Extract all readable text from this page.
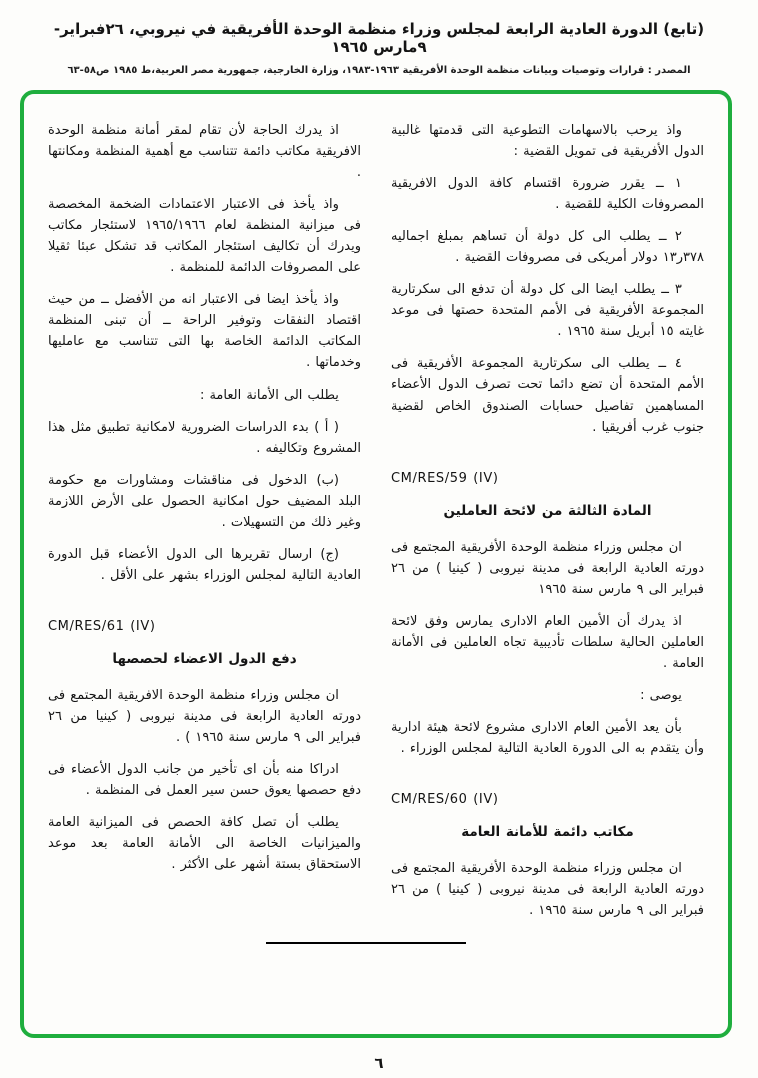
(تابع) الدورة العادية الرابعة لمجلس وزراء منظمة الوحدة الأفريقية في نيروبي، ٢٦فبراير- ٩مارس ١٩٦٥
المصدر : قرارات وتوصيات وبيانات منظمة الوحدة الأفريقية ١٩٦٣-١٩٨٣، وزارة الخارجية، جمهورية مصر العربية،ط ١٩٨٥ ص٥٨-٦٣
واذ يرحب بالاسهامات التطوعية التى قدمتها غالبية الدول الأفريقية فى تمويل القضية :
١ ــ يقرر ضرورة اقتسام كافة الدول الافريقية المصروفات الكلية للقضية .
٢ ــ يطلب الى كل دولة أن تساهم بمبلغ اجماليه ٣٧٨ر١٣ دولار أمريكى فى مصروفات القضية .
٣ ــ يطلب ايضا الى كل دولة أن تدفع الى سكرتارية المجموعة الأفريقية فى الأمم المتحدة حصتها فى موعد غايته ١٥ أبريل سنة ١٩٦٥ .
٤ ــ يطلب الى سكرتارية المجموعة الأفريقية فى الأمم المتحدة أن تضع دائما تحت تصرف الدول الأعضاء المساهمين تفاصيل حسابات الصندوق الخاص لقضية جنوب غرب أفريقيا .
CM/RES/59 (IV)
المادة الثالثة من لائحة العاملين
ان مجلس وزراء منظمة الوحدة الأفريقية المجتمع فى دورته العادية الرابعة فى مدينة نيروبى ( كينيا ) من ٢٦ فبراير الى ٩ مارس سنة ١٩٦٥
اذ يدرك أن الأمين العام الادارى يمارس وفق لائحة العاملين الحالية سلطات تأديبية تجاه العاملين فى الأمانة العامة .
يوصى :
بأن يعد الأمين العام الادارى مشروع لائحة هيئة ادارية وأن يتقدم به الى الدورة العادية التالية لمجلس الوزراء .
CM/RES/60 (IV)
مكاتب دائمة للأمانة العامة
ان مجلس وزراء منظمة الوحدة الأفريقية المجتمع فى دورته العادية الرابعة فى مدينة نيروبى ( كينيا ) من ٢٦ فبراير الى ٩ مارس سنة ١٩٦٥ .
اذ يدرك الحاجة لأن تقام لمقر أمانة منظمة الوحدة الافريقية مكاتب دائمة تتناسب مع أهمية المنظمة ومكانتها .
واذ يأخذ فى الاعتبار الاعتمادات الضخمة المخصصة فى ميزانية المنظمة لعام ١٩٦٥/١٩٦٦ لاستئجار مكاتب ويدرك أن تكاليف استئجار المكاتب قد تشكل عبئا ثقيلا على المصروفات الدائمة للمنظمة .
واذ يأخذ ايضا فى الاعتبار انه من الأفضل ــ من حيث اقتصاد النفقات وتوفير الراحة ــ أن تبنى المنظمة المكاتب الدائمة الخاصة بها التى تتناسب مع عامليها وخدماتها .
يطلب الى الأمانة العامة :
( أ ) بدء الدراسات الضرورية لامكانية تطبيق مثل هذا المشروع وتكاليفه .
(ب) الدخول فى مناقشات ومشاورات مع حكومة البلد المضيف حول امكانية الحصول على الأرض اللازمة وغير ذلك من التسهيلات .
(ج) ارسال تقريرها الى الدول الأعضاء قبل الدورة العادية التالية لمجلس الوزراء بشهر على الأقل .
CM/RES/61 (IV)
دفع الدول الاعضاء لحصصها
ان مجلس وزراء منظمة الوحدة الافريقية المجتمع فى دورته العادية الرابعة فى مدينة نيروبى ( كينيا من ٢٦ فبراير الى ٩ مارس سنة ١٩٦٥ ) .
ادراكا منه بأن اى تأخير من جانب الدول الأعضاء فى دفع حصصها يعوق حسن سير العمل فى المنظمة .
يطلب أن تصل كافة الحصص فى الميزانية العامة والميزانيات الخاصة الى الأمانة العامة بعد موعد الاستحقاق بستة أشهر على الأكثر .
٦
